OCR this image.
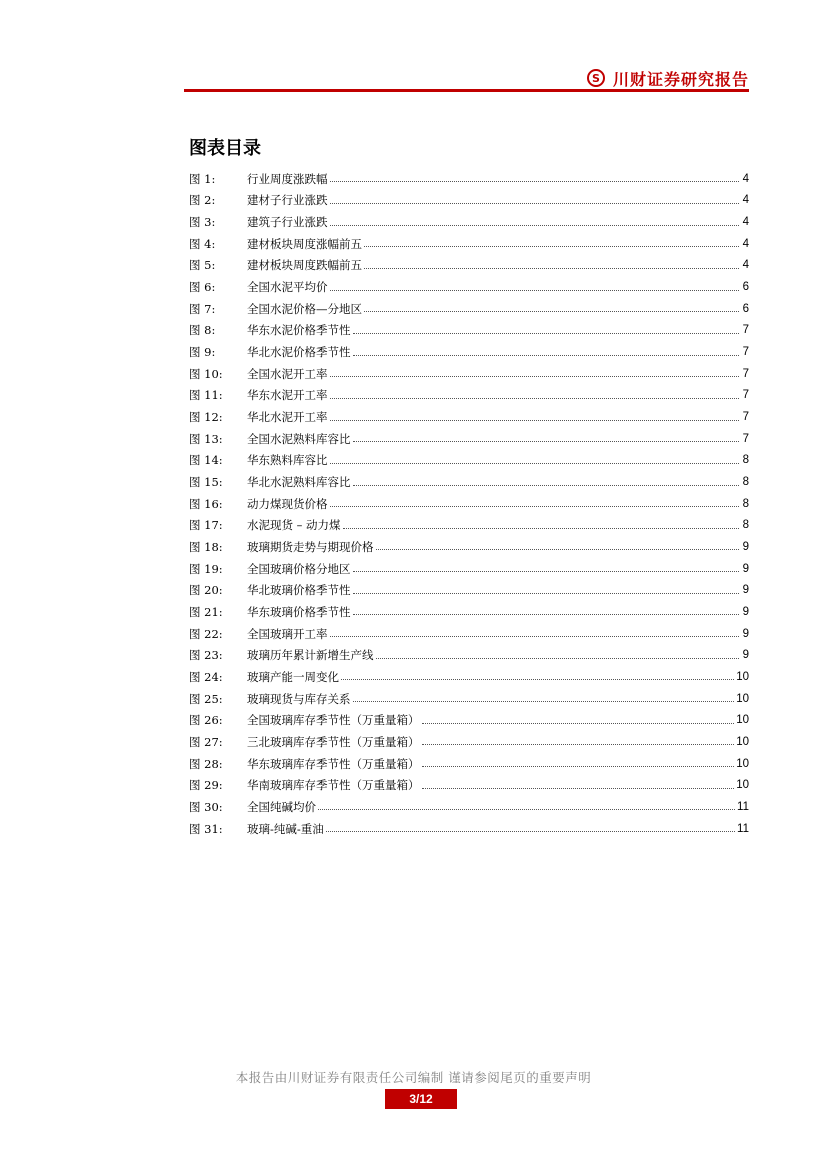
S 川财证券研究报告
图表目录
图 1:	行业周度涨跌幅	4
图 2:	建材子行业涨跌	4
图 3:	建筑子行业涨跌	4
图 4:	建材板块周度涨幅前五	4
图 5:	建材板块周度跌幅前五	4
图 6:	全国水泥平均价	6
图 7:	全国水泥价格—分地区	6
图 8:	华东水泥价格季节性	7
图 9:	华北水泥价格季节性	7
图 10:	全国水泥开工率	7
图 11:	华东水泥开工率	7
图 12:	华北水泥开工率	7
图 13:	全国水泥熟料库容比	7
图 14:	华东熟料库容比	8
图 15:	华北水泥熟料库容比	8
图 16:	动力煤现货价格	8
图 17:	水泥现货 – 动力煤	8
图 18:	玻璃期货走势与期现价格	9
图 19:	全国玻璃价格分地区	9
图 20:	华北玻璃价格季节性	9
图 21:	华东玻璃价格季节性	9
图 22:	全国玻璃开工率	9
图 23:	玻璃历年累计新增生产线	9
图 24:	玻璃产能一周变化	10
图 25:	玻璃现货与库存关系	10
图 26:	全国玻璃库存季节性（万重量箱）	10
图 27:	三北玻璃库存季节性（万重量箱）	10
图 28:	华东玻璃库存季节性（万重量箱）	10
图 29:	华南玻璃库存季节性（万重量箱）	10
图 30:	全国纯碱均价	11
图 31:	玻璃-纯碱-重油	11
本报告由川财证券有限责任公司编制 谨请参阅尾页的重要声明
3/12
